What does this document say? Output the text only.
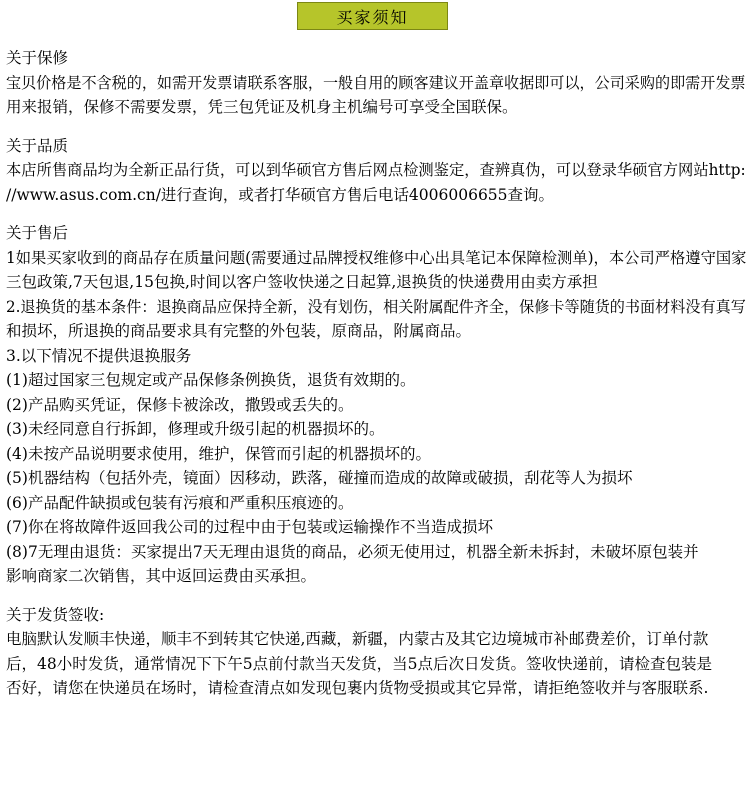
买家须知
关于保修
宝贝价格是不含税的，如需开发票请联系客服，一般自用的顾客建议开盖章收据即可以，公司采购的即需开发票
用来报销，保修不需要发票，凭三包凭证及机身主机编号可享受全国联保。
关于品质
本店所售商品均为全新正品行货，可以到华硕官方售后网点检测鉴定，查辨真伪，可以登录华硕官方网站http:
//www.asus.com.cn/进行查询，或者打华硕官方售后电话4006006655查询。
关于售后
1如果买家收到的商品存在质量问题(需要通过品牌授权维修中心出具笔记本保障检测单)，本公司严格遵守国家
三包政策,7天包退,15包换,时间以客户签收快递之日起算,退换货的快递费用由卖方承担
2.退换货的基本条件：退换商品应保持全新，没有划伤，相关附属配件齐全，保修卡等随货的书面材料没有真写
和损坏，所退换的商品要求具有完整的外包装，原商品，附属商品。
3.以下情况不提供退换服务
(1)超过国家三包规定或产品保修条例换货，退货有效期的。
(2)产品购买凭证，保修卡被涂改，撒毁或丢失的。
(3)未经同意自行拆卸，修理或升级引起的机器损坏的。
(4)未按产品说明要求使用，维护，保管而引起的机器损坏的。
(5)机器结构（包括外壳，镜面）因移动，跌落，碰撞而造成的故障或破损，刮花等人为损坏
(6)产品配件缺损或包装有污痕和严重积压痕迹的。
(7)你在将故障件返回我公司的过程中由于包装或运输操作不当造成损坏
(8)7无理由退货：买家提出7天无理由退货的商品，必须无使用过，机器全新未拆封，未破坏原包装并
影响商家二次销售，其中返回运费由买承担。
关于发货签收:
电脑默认发顺丰快递，顺丰不到转其它快递,西藏，新疆，内蒙古及其它边境城市补邮费差价，订单付款
后，48小时发货，通常情况下下午5点前付款当天发货，当5点后次日发货。签收快递前，请检查包装是
否好，请您在快递员在场时，请检查清点如发现包裹内货物受损或其它异常，请拒绝签收并与客服联系.
